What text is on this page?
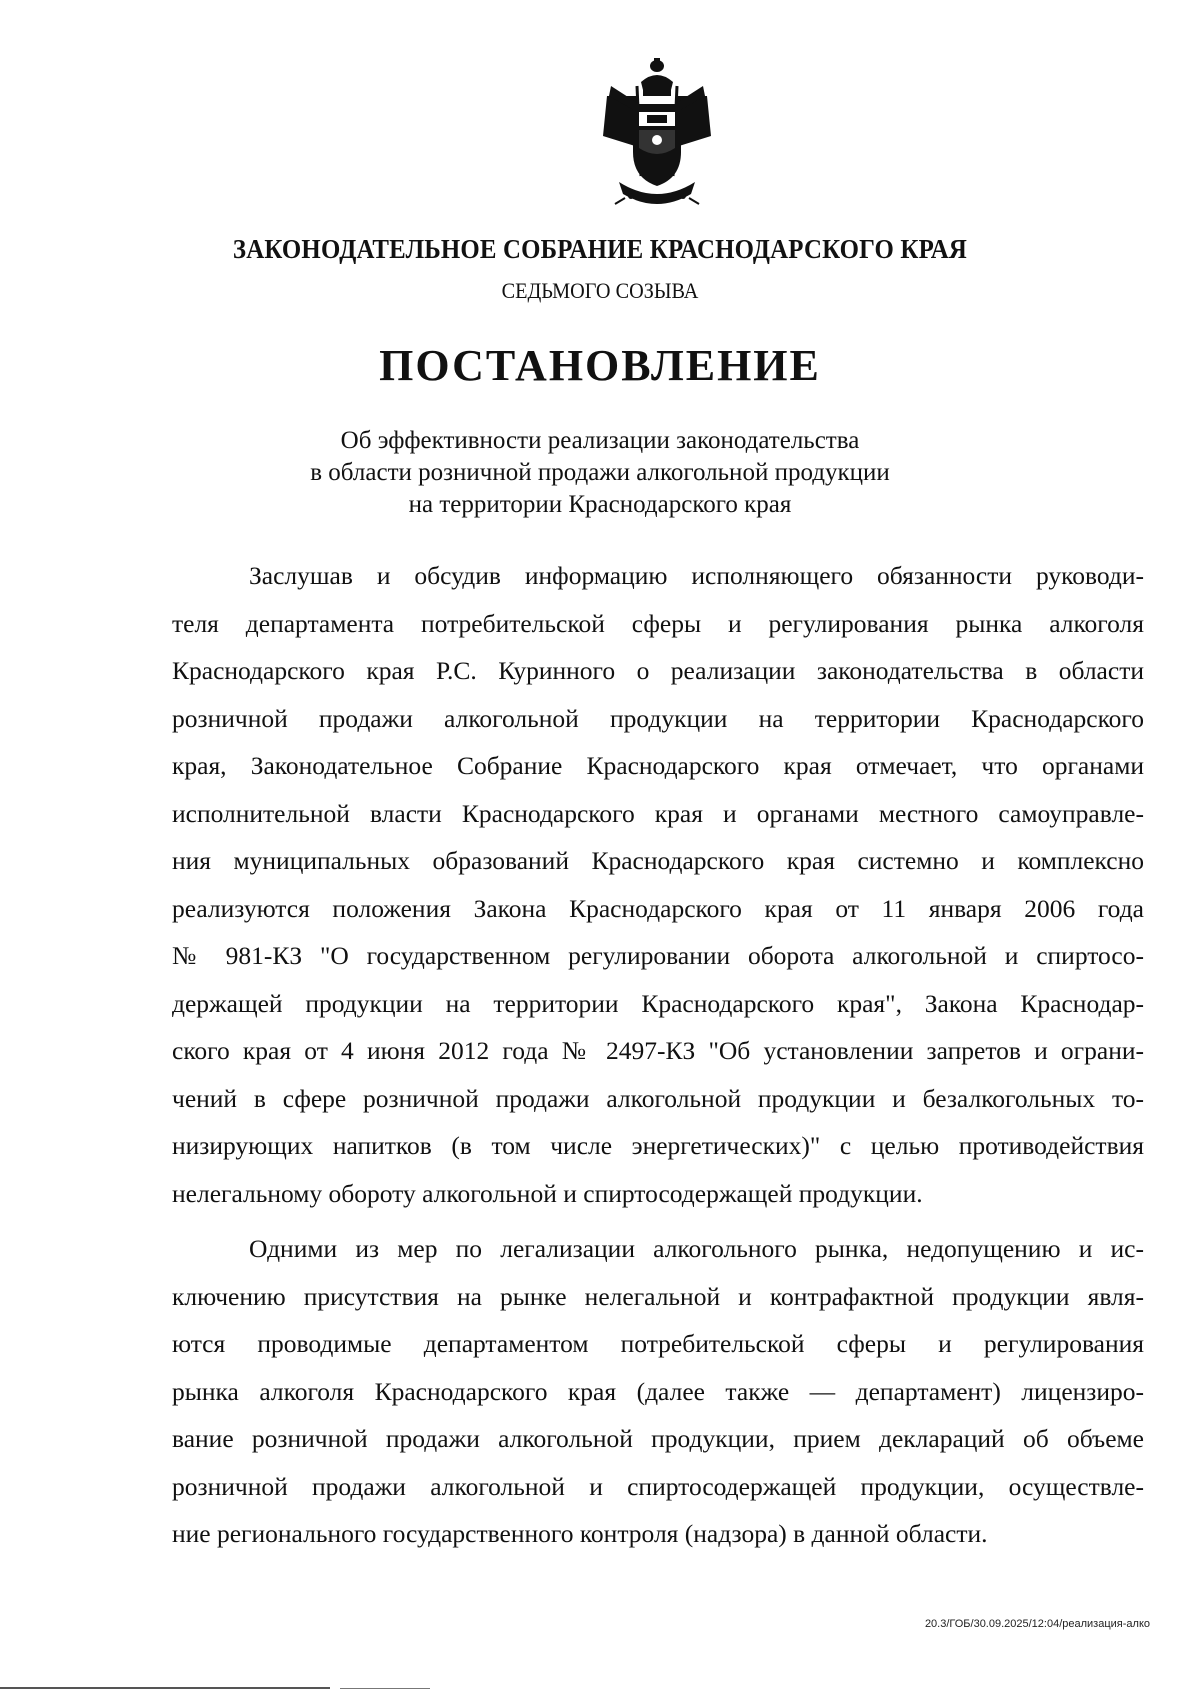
ЗАКОНОДАТЕЛЬНОЕ СОБРАНИЕ КРАСНОДАРСКОГО КРАЯ
СЕДЬМОГО СОЗЫВА
ПОСТАНОВЛЕНИЕ
Об эффективности реализации законодательства
в области розничной продажи алкогольной продукции
на территории Краснодарского края
Заслушав и обсудив информацию исполняющего обязанности руководи-
теля департамента потребительской сферы и регулирования рынка алкоголя
Краснодарского края Р.С. Куринного о реализации законодательства в области
розничной продажи алкогольной продукции на территории Краснодарского
края, Законодательное Собрание Краснодарского края отмечает, что органами
исполнительной власти Краснодарского края и органами местного самоуправле-
ния муниципальных образований Краснодарского края системно и комплексно
реализуются положения Закона Краснодарского края от 11 января 2006 года
№ 981-КЗ "О государственном регулировании оборота алкогольной и спиртосо-
держащей продукции на территории Краснодарского края", Закона Краснодар-
ского края от 4 июня 2012 года № 2497-КЗ "Об установлении запретов и ограни-
чений в сфере розничной продажи алкогольной продукции и безалкогольных то-
низирующих напитков (в том числе энергетических)" с целью противодействия
нелегальному обороту алкогольной и спиртосодержащей продукции.
Одними из мер по легализации алкогольного рынка, недопущению и ис-
ключению присутствия на рынке нелегальной и контрафактной продукции явля-
ются проводимые департаментом потребительской сферы и регулирования
рынка алкоголя Краснодарского края (далее также — департамент) лицензиро-
вание розничной продажи алкогольной продукции, прием деклараций об объеме
розничной продажи алкогольной и спиртосодержащей продукции, осуществле-
ние регионального государственного контроля (надзора) в данной области.
20.3/ГОБ/30.09.2025/12:04/реализация-алко
